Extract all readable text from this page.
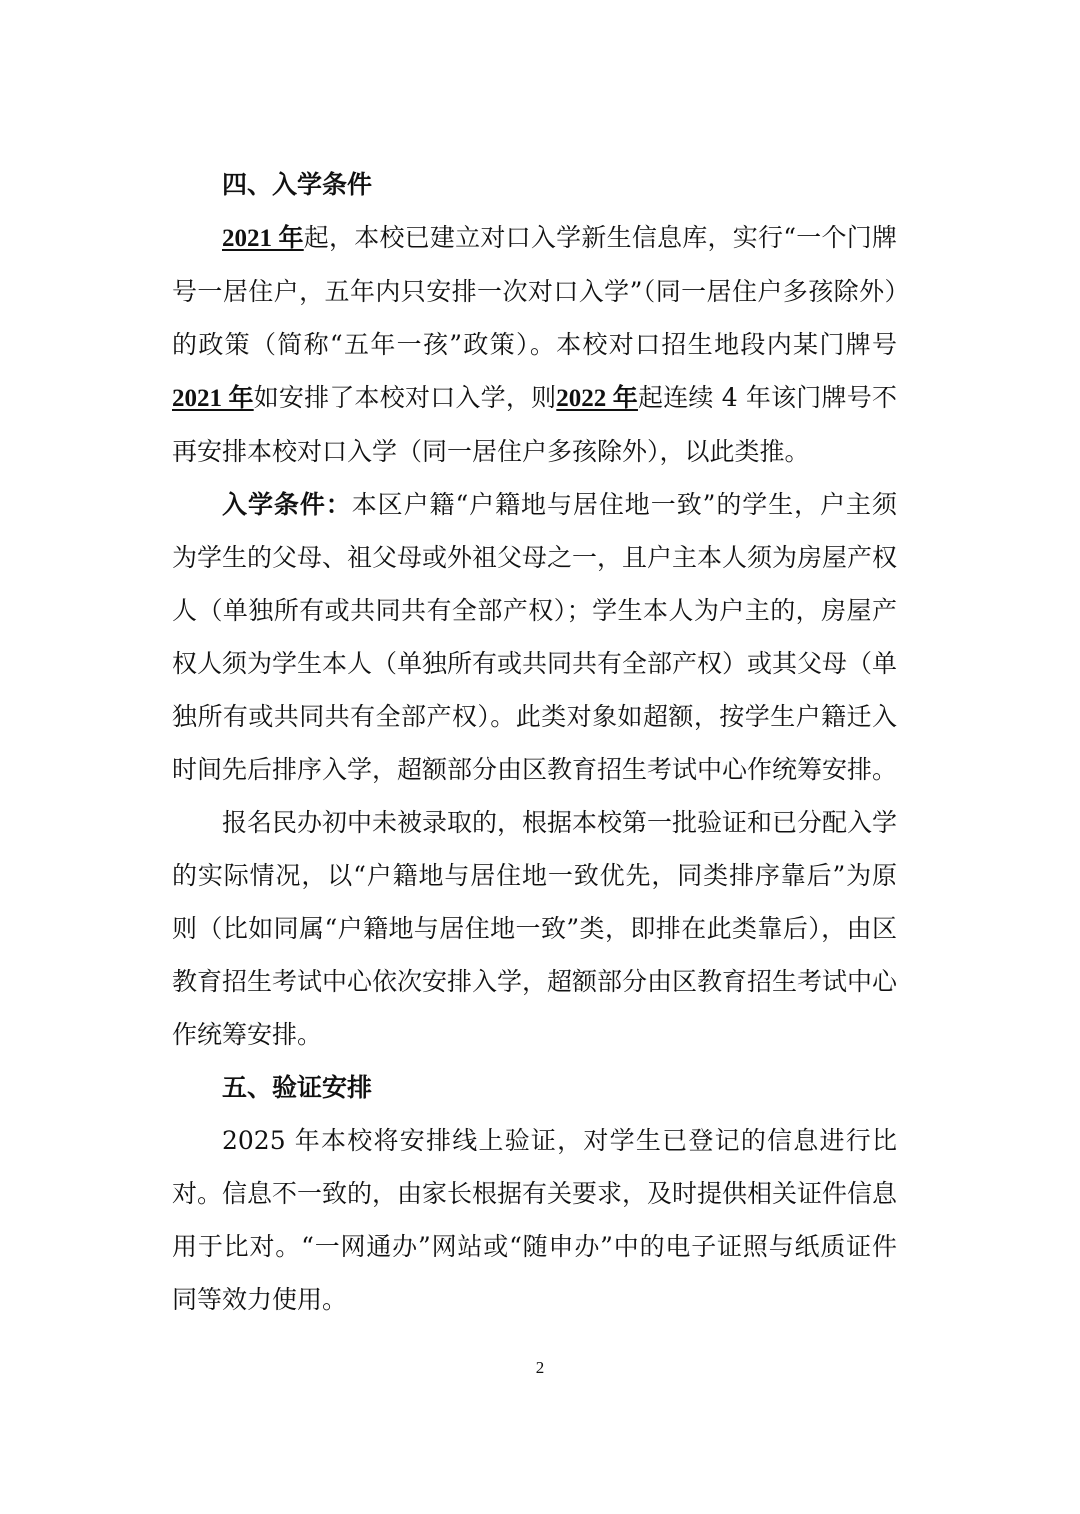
四、入学条件

2021 年起，本校已建立对口入学新生信息库，实行“一个门牌号一居住户，五年内只安排一次对口入学”（同一居住户多孩除外）的政策（简称“五年一孩”政策）。本校对口招生地段内某门牌号2021 年如安排了本校对口入学，则2022 年起连续 4 年该门牌号不再安排本校对口入学（同一居住户多孩除外），以此类推。

入学条件：本区户籍“户籍地与居住地一致”的学生，户主须为学生的父母、祖父母或外祖父母之一，且户主本人须为房屋产权人（单独所有或共同共有全部产权）；学生本人为户主的，房屋产权人须为学生本人（单独所有或共同共有全部产权）或其父母（单独所有或共同共有全部产权）。此类对象如超额，按学生户籍迁入时间先后排序入学，超额部分由区教育招生考试中心作统筹安排。

报名民办初中未被录取的，根据本校第一批验证和已分配入学的实际情况，以“户籍地与居住地一致优先，同类排序靠后”为原则（比如同属“户籍地与居住地一致”类，即排在此类靠后），由区教育招生考试中心依次安排入学，超额部分由区教育招生考试中心作统筹安排。

五、验证安排

2025 年本校将安排线上验证，对学生已登记的信息进行比对。信息不一致的，由家长根据有关要求，及时提供相关证件信息用于比对。“一网通办”网站或“随申办”中的电子证照与纸质证件同等效力使用。

2
